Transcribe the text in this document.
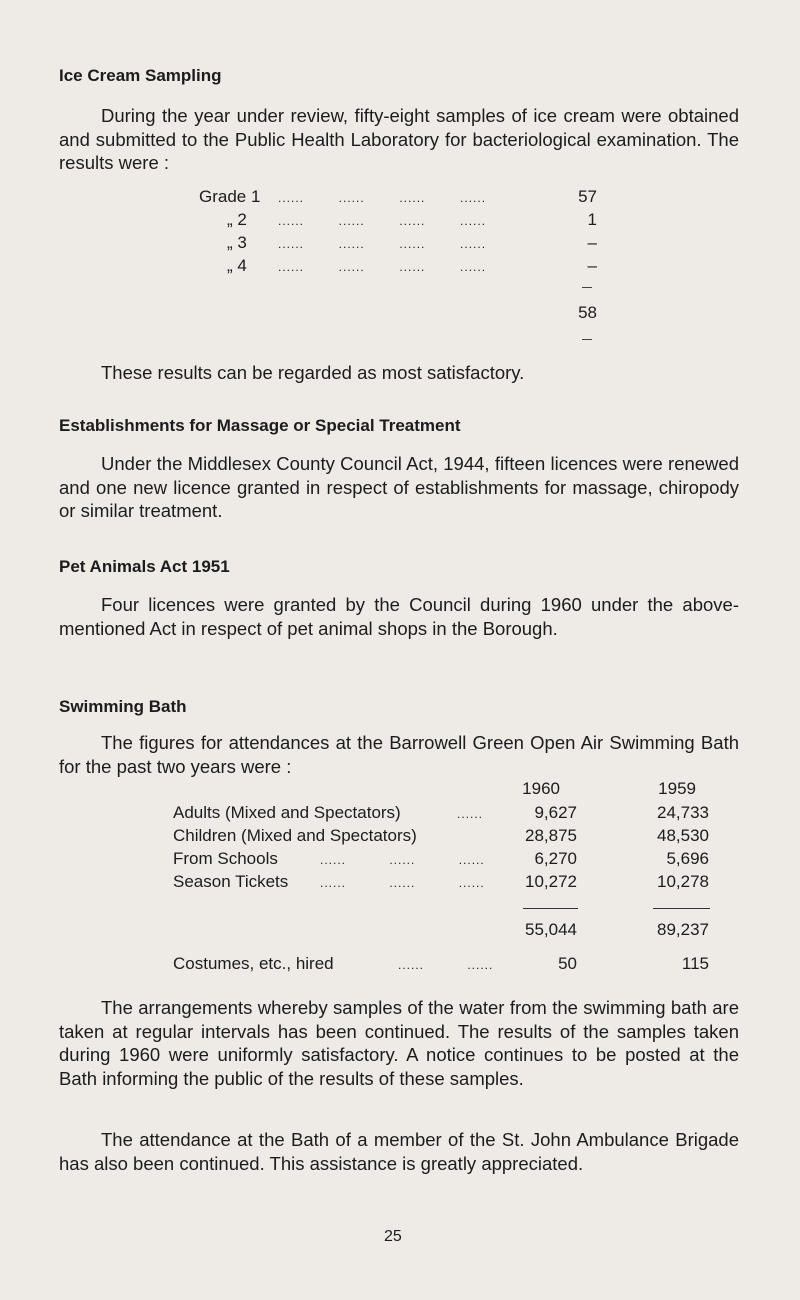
Ice Cream Sampling

During the year under review, fifty-eight samples of ice cream were obtained and submitted to the Public Health Laboratory for bacteriological examination. The results were :

Grade 1 ......        ......        ......        ......	57
„ 2	......        ......        ......        ......	1
„ 3	......        ......        ......        ......	–
„ 4	......        ......        ......        ......	–
58

These results can be regarded as most satisfactory.

Establishments for Massage or Special Treatment

Under the Middlesex County Council Act, 1944, fifteen licences were renewed and one new licence granted in respect of establishments for massage, chiropody or similar treatment.

Pet Animals Act 1951

Four licences were granted by the Council during 1960 under the above-mentioned Act in respect of pet animal shops in the Borough.

Swimming Bath

The figures for attendances at the Barrowell Green Open Air Swimming Bath for the past two years were :

1960	1959
Adults (Mixed and Spectators)	......	9,627	24,733
Children (Mixed and Spectators)	28,875	48,530
From Schools	......          ......          ......	6,270	5,696
Season Tickets	......          ......          ......	10,272	10,278
55,044	89,237
Costumes, etc., hired	......          ......	50	115

The arrangements whereby samples of the water from the swimming bath are taken at regular intervals has been continued. The results of the samples taken during 1960 were uniformly satisfactory. A notice continues to be posted at the Bath informing the public of the results of these samples.

The attendance at the Bath of a member of the St. John Ambulance Brigade has also been continued. This assistance is greatly appreciated.

25
